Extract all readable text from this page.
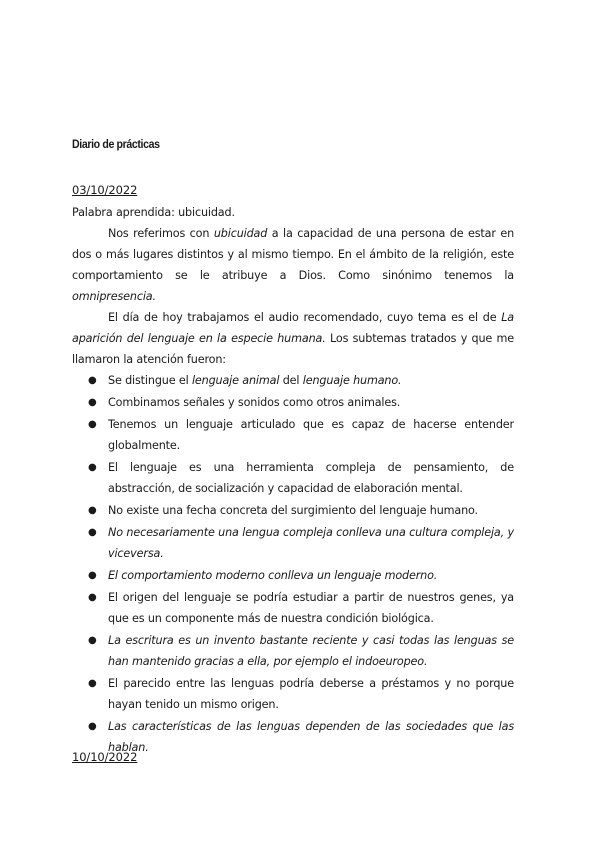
Diario de prácticas
03/10/2022

Palabra aprendida: ubicuidad.

Nos referimos con ubicuidad a la capacidad de una persona de estar en dos o más lugares distintos y al mismo tiempo. En el ámbito de la religión, este comportamiento se le atribuye a Dios. Como sinónimo tenemos la omnipresencia.

El día de hoy trabajamos el audio recomendado, cuyo tema es el de La aparición del lenguaje en la especie humana. Los subtemas tratados y que me llamaron la atención fueron:

● Se distingue el lenguaje animal del lenguaje humano.
● Combinamos señales y sonidos como otros animales.
● Tenemos un lenguaje articulado que es capaz de hacerse entender globalmente.
● El lenguaje es una herramienta compleja de pensamiento, de abstracción, de socialización y capacidad de elaboración mental.
● No existe una fecha concreta del surgimiento del lenguaje humano.
● No necesariamente una lengua compleja conlleva una cultura compleja, y viceversa.
● El comportamiento moderno conlleva un lenguaje moderno.
● El origen del lenguaje se podría estudiar a partir de nuestros genes, ya que es un componente más de nuestra condición biológica.
● La escritura es un invento bastante reciente y casi todas las lenguas se han mantenido gracias a ella, por ejemplo el indoeuropeo.
● El parecido entre las lenguas podría deberse a préstamos y no porque hayan tenido un mismo origen.
● Las características de las lenguas dependen de las sociedades que las hablan.
10/10/2022
